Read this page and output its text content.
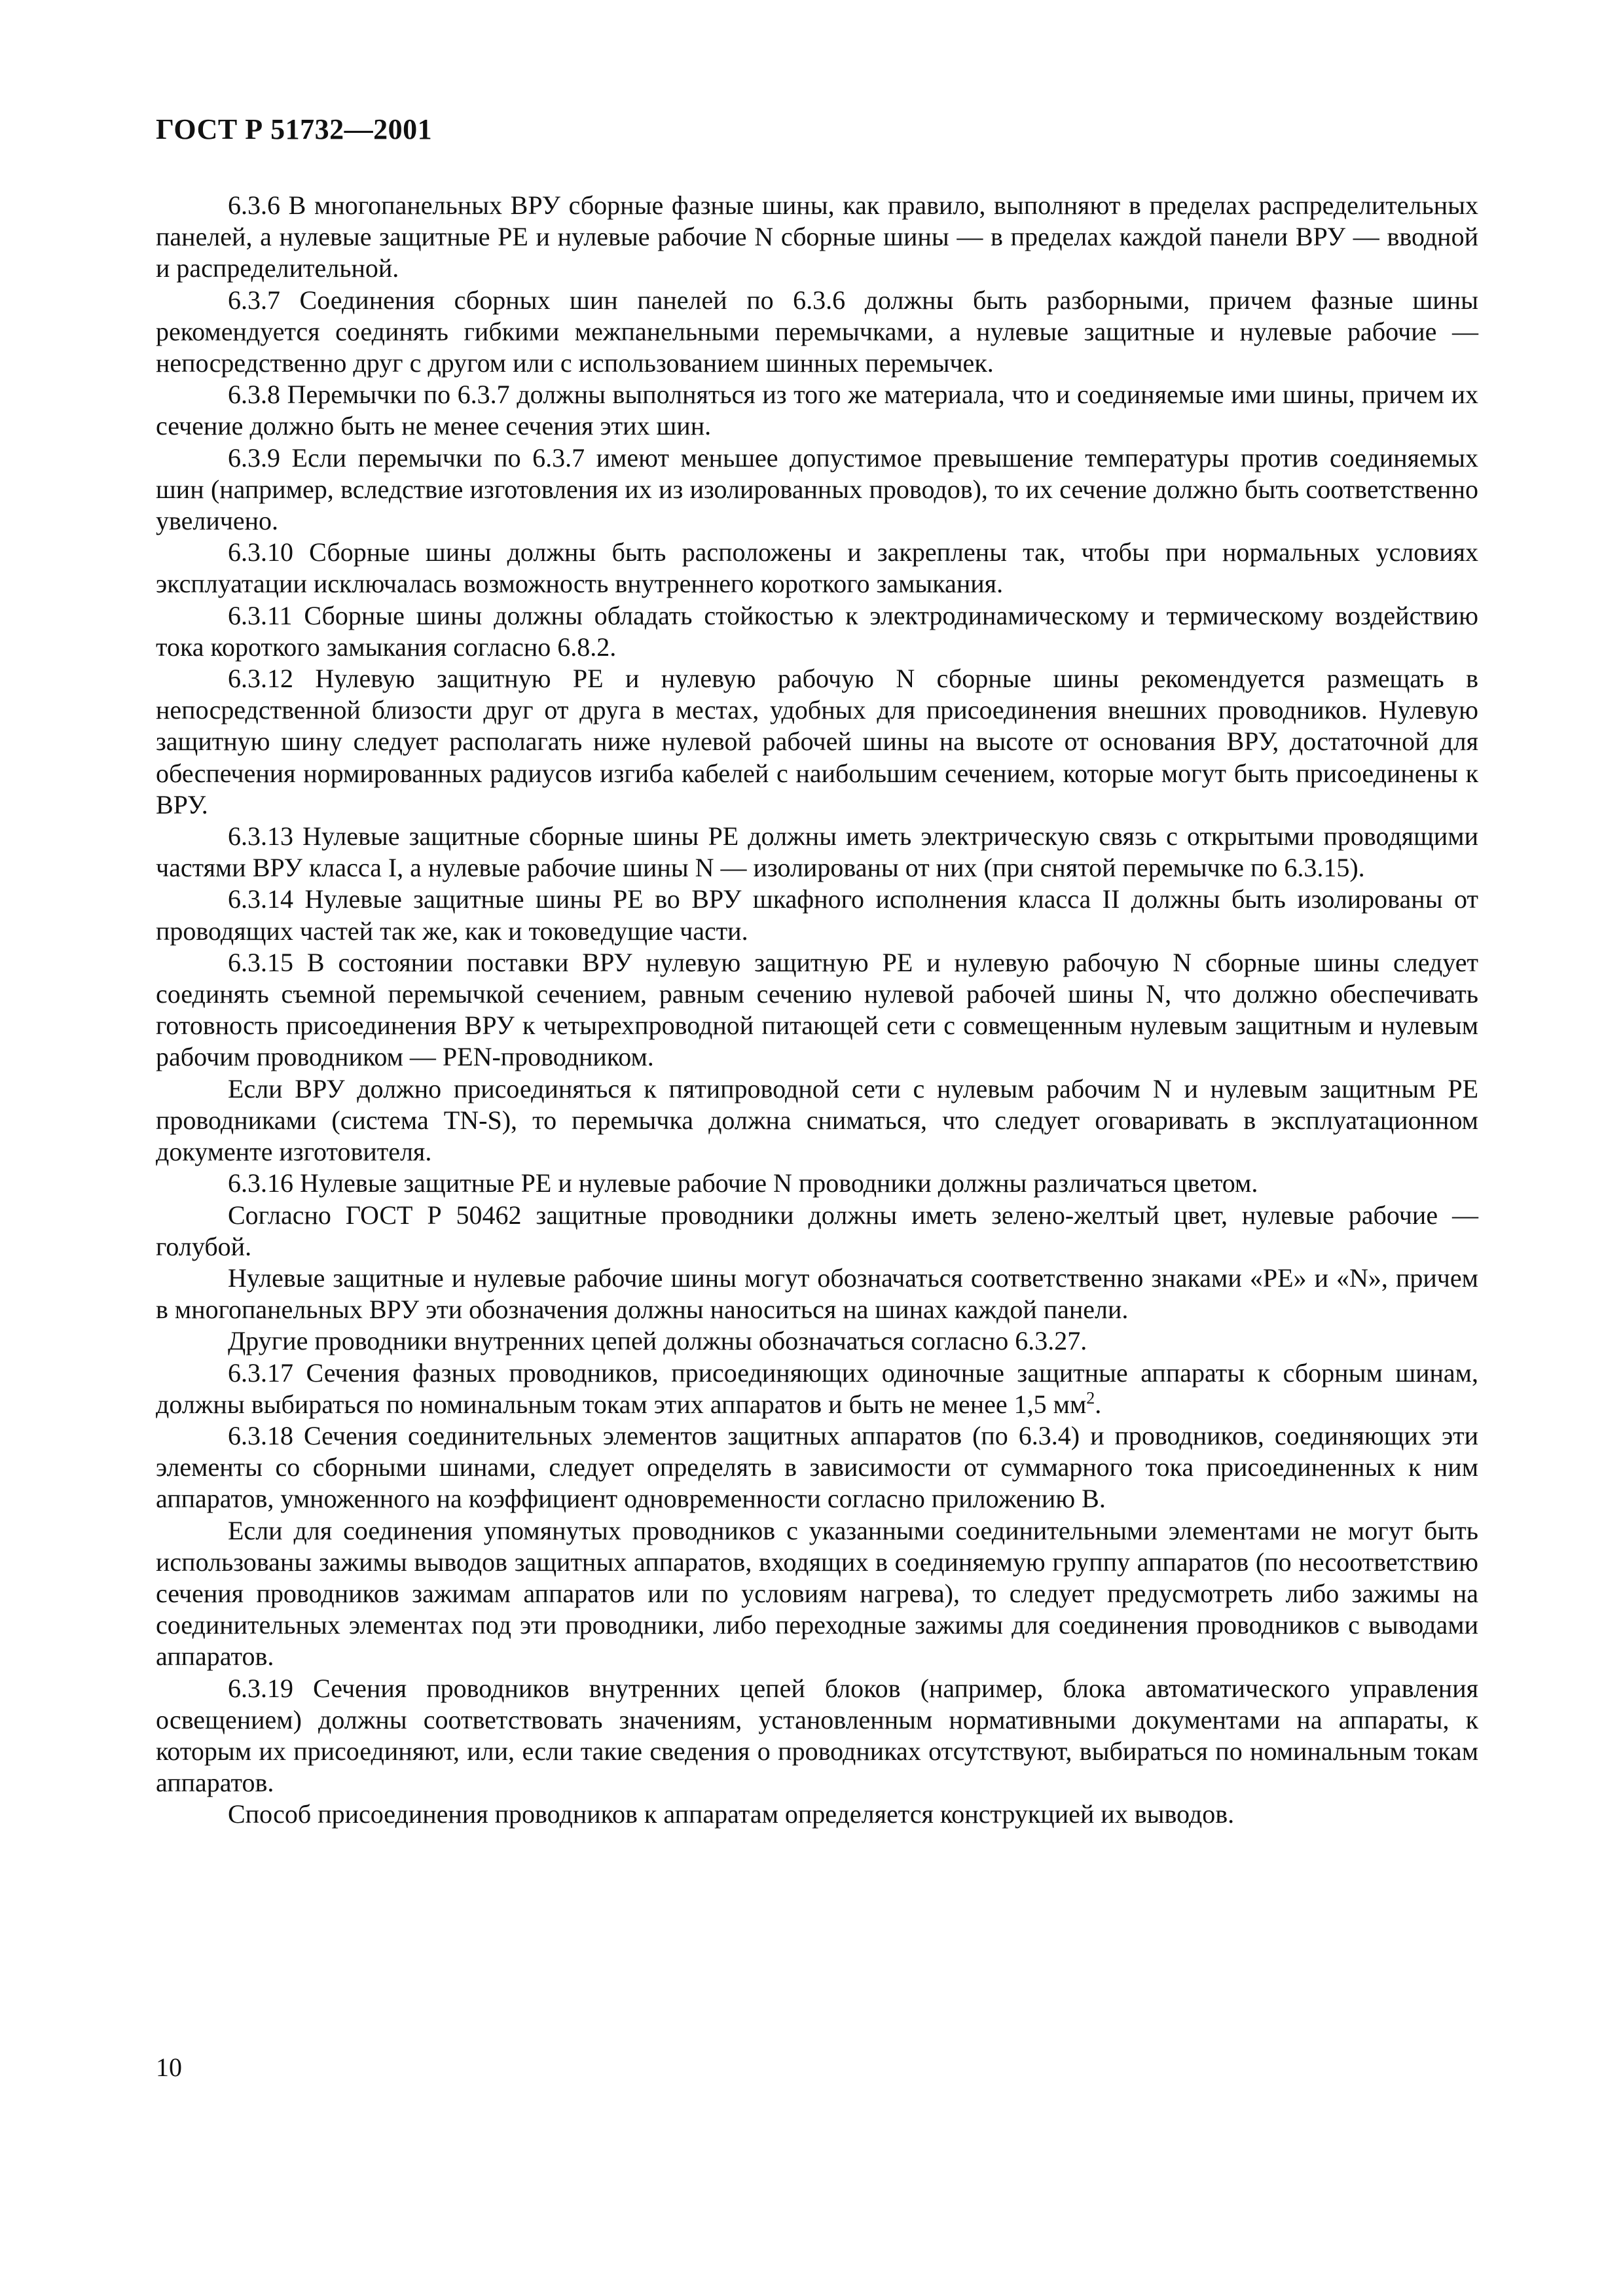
ГОСТ Р 51732—2001

6.3.6 В многопанельных ВРУ сборные фазные шины, как правило, выполняют в пределах распределительных панелей, а нулевые защитные PE и нулевые рабочие N сборные шины — в пределах каждой панели ВРУ — вводной и распределительной.

6.3.7 Соединения сборных шин панелей по 6.3.6 должны быть разборными, причем фазные шины рекомендуется соединять гибкими межпанельными перемычками, а нулевые защитные и нулевые рабочие — непосредственно друг с другом или с использованием шинных перемычек.

6.3.8 Перемычки по 6.3.7 должны выполняться из того же материала, что и соединяемые ими шины, причем их сечение должно быть не менее сечения этих шин.

6.3.9 Если перемычки по 6.3.7 имеют меньшее допустимое превышение температуры против соединяемых шин (например, вследствие изготовления их из изолированных проводов), то их сечение должно быть соответственно увеличено.

6.3.10 Сборные шины должны быть расположены и закреплены так, чтобы при нормальных условиях эксплуатации исключалась возможность внутреннего короткого замыкания.

6.3.11 Сборные шины должны обладать стойкостью к электродинамическому и термическому воздействию тока короткого замыкания согласно 6.8.2.

6.3.12 Нулевую защитную PE и нулевую рабочую N сборные шины рекомендуется размещать в непосредственной близости друг от друга в местах, удобных для присоединения внешних проводников. Нулевую защитную шину следует располагать ниже нулевой рабочей шины на высоте от основания ВРУ, достаточной для обеспечения нормированных радиусов изгиба кабелей с наибольшим сечением, которые могут быть присоединены к ВРУ.

6.3.13 Нулевые защитные сборные шины PE должны иметь электрическую связь с открытыми проводящими частями ВРУ класса I, а нулевые рабочие шины N — изолированы от них (при снятой перемычке по 6.3.15).

6.3.14 Нулевые защитные шины PE во ВРУ шкафного исполнения класса II должны быть изолированы от проводящих частей так же, как и токоведущие части.

6.3.15 В состоянии поставки ВРУ нулевую защитную PE и нулевую рабочую N сборные шины следует соединять съемной перемычкой сечением, равным сечению нулевой рабочей шины N, что должно обеспечивать готовность присоединения ВРУ к четырехпроводной питающей сети с совмещенным нулевым защитным и нулевым рабочим проводником — PEN-проводником.

Если ВРУ должно присоединяться к пятипроводной сети с нулевым рабочим N и нулевым защитным PE проводниками (система TN-S), то перемычка должна сниматься, что следует оговаривать в эксплуатационном документе изготовителя.

6.3.16 Нулевые защитные PE и нулевые рабочие N проводники должны различаться цветом.

Согласно ГОСТ Р 50462 защитные проводники должны иметь зелено-желтый цвет, нулевые рабочие — голубой.

Нулевые защитные и нулевые рабочие шины могут обозначаться соответственно знаками «PE» и «N», причем в многопанельных ВРУ эти обозначения должны наноситься на шинах каждой панели.

Другие проводники внутренних цепей должны обозначаться согласно 6.3.27.

6.3.17 Сечения фазных проводников, присоединяющих одиночные защитные аппараты к сборным шинам, должны выбираться по номинальным токам этих аппаратов и быть не менее 1,5 $мм^2$.

6.3.18 Сечения соединительных элементов защитных аппаратов (по 6.3.4) и проводников, соединяющих эти элементы со сборными шинами, следует определять в зависимости от суммарного тока присоединенных к ним аппаратов, умноженного на коэффициент одновременности согласно приложению В.

Если для соединения упомянутых проводников с указанными соединительными элементами не могут быть использованы зажимы выводов защитных аппаратов, входящих в соединяемую группу аппаратов (по несоответствию сечения проводников зажимам аппаратов или по условиям нагрева), то следует предусмотреть либо зажимы на соединительных элементах под эти проводники, либо переходные зажимы для соединения проводников с выводами аппаратов.

6.3.19 Сечения проводников внутренних цепей блоков (например, блока автоматического управления освещением) должны соответствовать значениям, установленным нормативными документами на аппараты, к которым их присоединяют, или, если такие сведения о проводниках отсутствуют, выбираться по номинальным токам аппаратов.

Способ присоединения проводников к аппаратам определяется конструкцией их выводов.

10
